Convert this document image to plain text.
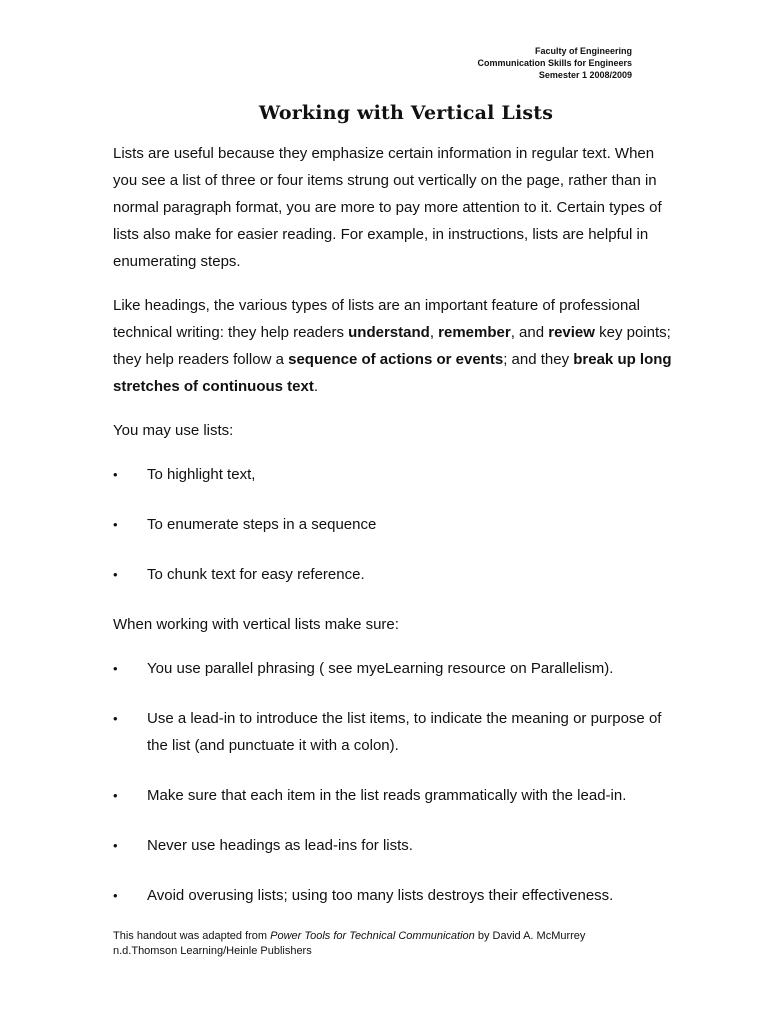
Faculty of Engineering
Communication Skills for Engineers
Semester 1 2008/2009
Working with Vertical Lists

Lists are useful because they emphasize certain information in regular text. When you see a list of three or four items strung out vertically on the page, rather than in normal paragraph format, you are more to pay more attention to it. Certain types of lists also make for easier reading. For example, in instructions, lists are helpful in enumerating steps.

Like headings, the various types of lists are an important feature of professional technical writing: they help readers understand, remember, and review key points; they help readers follow a sequence of actions or events; and they break up long stretches of continuous text.

You may use lists:

•	To highlight text,
•	To enumerate steps in a sequence
•	To chunk text for easy reference.

When working with vertical lists make sure:

•	You use parallel phrasing ( see myeLearning resource on Parallelism).
•	Use a lead-in to introduce the list items, to indicate the meaning or purpose of the list (and punctuate it with a colon).
•	Make sure that each item in the list reads grammatically with the lead-in.
•	Never use headings as lead-ins for lists.
•	Avoid overusing lists; using too many lists destroys their effectiveness.
This handout was adapted from Power Tools for Technical Communication by David A. McMurrey
n.d.Thomson Learning/Heinle Publishers
